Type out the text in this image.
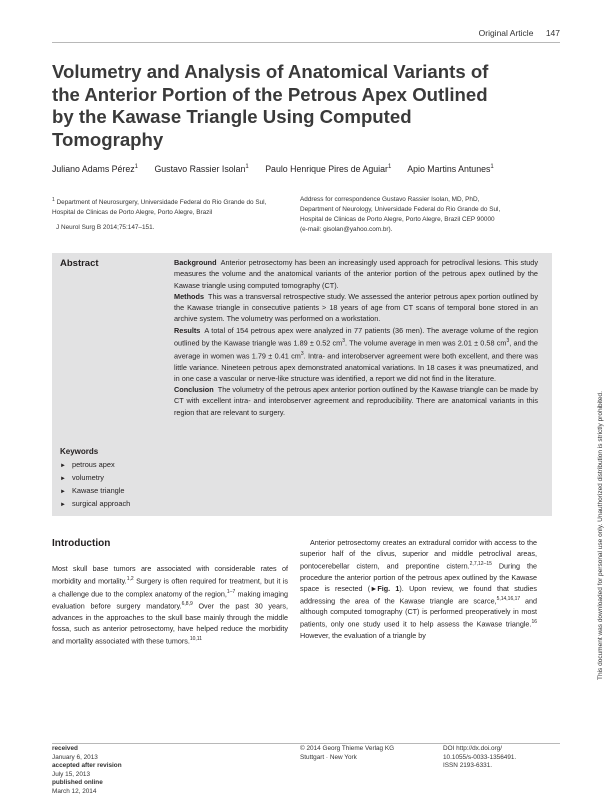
Original Article 147
Volumetry and Analysis of Anatomical Variants of the Anterior Portion of the Petrous Apex Outlined by the Kawase Triangle Using Computed Tomography
Juliano Adams Pérez$^1$ Gustavo Rassier Isolan$^1$ Paulo Henrique Pires de Aguiar$^1$ Apio Martins Antunes$^1$
$^1$ Department of Neurosurgery, Universidade Federal do Rio Grande do Sul, Hospital de Clinicas de Porto Alegre, Porto Alegre, Brazil
J Neurol Surg B 2014;75:147–151.
Address for correspondence Gustavo Rassier Isolan, MD, PhD,
Department of Neurology, Universidade Federal do Rio Grande do Sul,
Hospital de Clinicas de Porto Alegre, Porto Alegre, Brazil CEP 90000
(e-mail: gisolan@yahoo.com.br).
Abstract	Background Anterior petrosectomy has been an increasingly used approach for petroclival lesions. This study measures the volume and the anatomical variants of the anterior portion of the petrous apex outlined by the Kawase triangle using computed tomography (CT).

Methods This was a transversal retrospective study. We assessed the anterior petrous apex portion outlined by the Kawase triangle in consecutive patients > 18 years of age from CT scans of temporal bone stored in an archive system. The volumetry was performed on a workstation.

Results A total of 154 petrous apex were analyzed in 77 patients (36 men). The average volume of the region outlined by the Kawase triangle was 1.89 ± 0.52 $cm^3$. The volume average in men was 2.01 ± 0.58 $cm^3$, and the average in women was 1.79 ± 0.41 $cm^3$. Intra- and interobserver agreement were both excellent, and there was little variance. Nineteen petrous apex demonstrated anatomical variations. In 18 cases it was pneumatized, and in one case a vascular or nerve-like structure was identified, a report we did not find in the literature.

Conclusion The volumetry of the petrous apex anterior portion outlined by the Kawase triangle can be made by CT with excellent intra- and interobserver agreement and reproducibility. There are anatomical variants in this region that are relevant to surgery.

Keywords
► petrous apex
► volumetry
► Kawase triangle
► surgical approach
Introduction
Most skull base tumors are associated with considerable rates of morbidity and mortality.$^{1,2}$ Surgery is often required for treatment, but it is a challenge due to the complex anatomy of the region,$^{1-7}$ making imaging evaluation before surgery mandatory.$^{6,8,9}$ Over the past 30 years, advances in the approaches to the skull base mainly through the middle fossa, such as anterior petrosectomy, have helped reduce the morbidity and mortality associated with these tumors.$^{10,11}$
Anterior petrosectomy creates an extradural corridor with access to the superior half of the clivus, superior and middle petroclival areas, pontocerebellar cistern, and prepontine cistern.$^{2,7,12-15}$ During the procedure the anterior portion of the petrous apex outlined by the Kawase space is resected (►Fig. 1). Upon review, we found that studies addressing the area of the Kawase triangle are scarce,$^{5,14,16,17}$ and although computed tomography (CT) is performed preoperatively in most patients, only one study used it to help assess the Kawase triangle.$^{16}$ However, the evaluation of a triangle by
received
January 6, 2013
accepted after revision
July 15, 2013
published online
March 12, 2014
© 2014 Georg Thieme Verlag KG
Stuttgart · New York
DOI http://dx.doi.org/
10.1055/s-0033-1356491.
ISSN 2193-6331.
This document was downloaded for personal use only. Unauthorized distribution is strictly prohibited.
